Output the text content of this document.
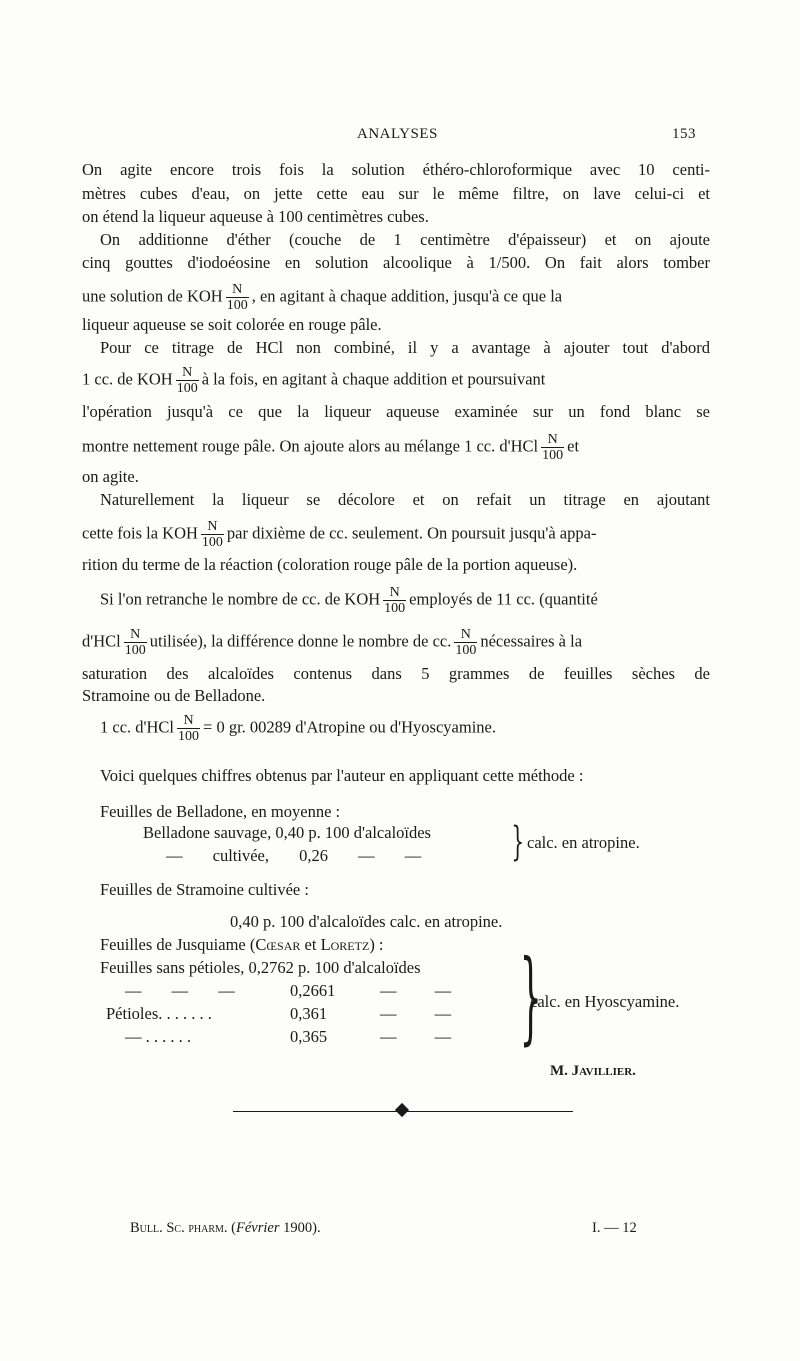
ANALYSES	153
On agite encore trois fois la solution éthéro-chloroformique avec 10 centi-
mètres cubes d'eau, on jette cette eau sur le même filtre, on lave celui-ci et
on étend la liqueur aqueuse à 100 centimètres cubes.
On additionne d'éther (couche de 1 centimètre d'épaisseur) et on ajoute
cinq gouttes d'iodoéosine en solution alcoolique à 1/500. On fait alors tomber
une solution de KOH $\frac{N}{100}$ , en agitant à chaque addition, jusqu'à ce que la
liqueur aqueuse se soit colorée en rouge pâle.
Pour ce titrage de HCl non combiné, il y a avantage à ajouter tout d'abord
1 cc. de KOH $\frac{N}{100}$ à la fois, en agitant à chaque addition et poursuivant
l'opération jusqu'à ce que la liqueur aqueuse examinée sur un fond blanc se
montre nettement rouge pâle. On ajoute alors au mélange 1 cc. $d'HCl \frac{N}{100}$ et
on agite.
Naturellement la liqueur se décolore et on refait un titrage en ajoutant
cette fois la KOH $\frac{N}{100}$ par dixième de cc. seulement. On poursuit jusqu'à appa-
rition du terme de la réaction (coloration rouge pâle de la portion aqueuse).
Si l'on retranche le nombre de cc. de KOH $\frac{N}{100}$ employés de 11 cc. (quantité
$d'HCl \frac{N}{100}$ utilisée), la différence donne le nombre de cc. $\frac{N}{100}$ nécessaires à la
saturation des alcaloïdes contenus dans 5 grammes de feuilles sèches de
Stramoine ou de Belladone.
1 cc. $d'HCl \frac{N}{100} = 0$ gr. 00289 d'Atropine ou d'Hyoscyamine.
Voici quelques chiffres obtenus par l'auteur en appliquant cette méthode :
Feuilles de Belladone, en moyenne :
Belladone sauvage, 0,40 p. 100 d'alcaloïdes
— cultivée, 0,26 — —	} calc. en atropine.
Feuilles de Stramoine cultivée :
0,40 p. 100 d'alcaloïdes calc. en atropine.
Feuilles de Jusquiame (Cœsar et Loretz) :
Feuilles sans pétioles, 0,2762 p. 100 d'alcaloïdes
— — —	0,2661	— —
Pétioles. . . . . . .	0,361	— —
— . . . . . .	0,365	— — }
calc. en Hyoscyamine.
M. Javillier.
Bull. Sc. pharm. (Février 1900).	I. — 12
